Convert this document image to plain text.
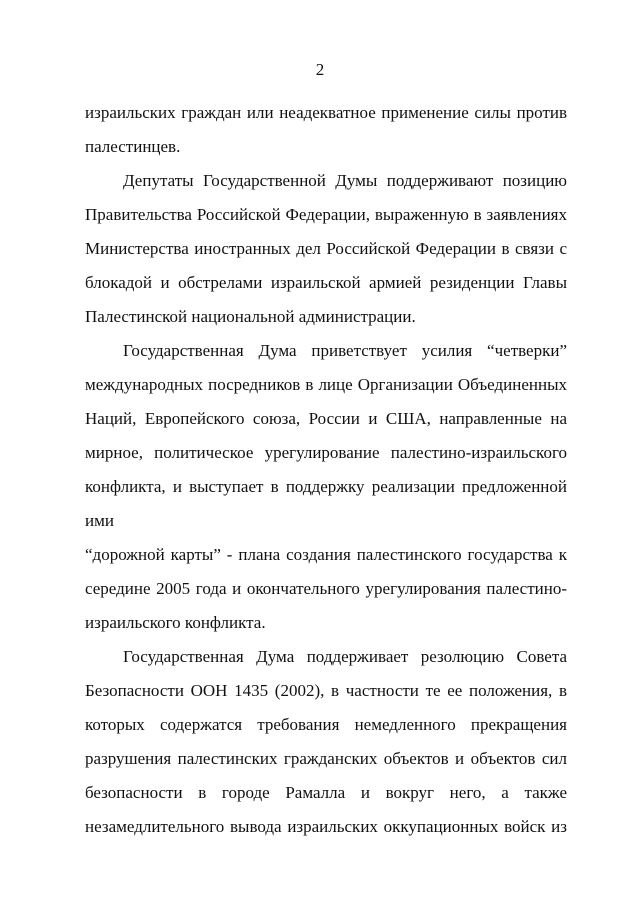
2
израильских граждан или неадекватное применение силы против
палестинцев.
Депутаты Государственной Думы поддерживают позицию
Правительства Российской Федерации, выраженную в заявлениях
Министерства иностранных дел Российской Федерации в связи с
блокадой и обстрелами израильской армией резиденции Главы
Палестинской национальной администрации.
Государственная Дума приветствует усилия “четверки”
международных посредников в лице Организации Объединенных
Наций, Европейского союза, России и США, направленные на
мирное, политическое урегулирование палестино-израильского
конфликта, и выступает в поддержку реализации предложенной ими
“дорожной карты” - плана создания палестинского государства к
середине 2005 года и окончательного урегулирования палестино-
израильского конфликта.
Государственная Дума поддерживает резолюцию Совета
Безопасности ООН 1435 (2002), в частности те ее положения, в
которых содержатся требования немедленного прекращения
разрушения палестинских гражданских объектов и объектов сил
безопасности в городе Рамалла и вокруг него, а также
незамедлительного вывода израильских оккупационных войск из
